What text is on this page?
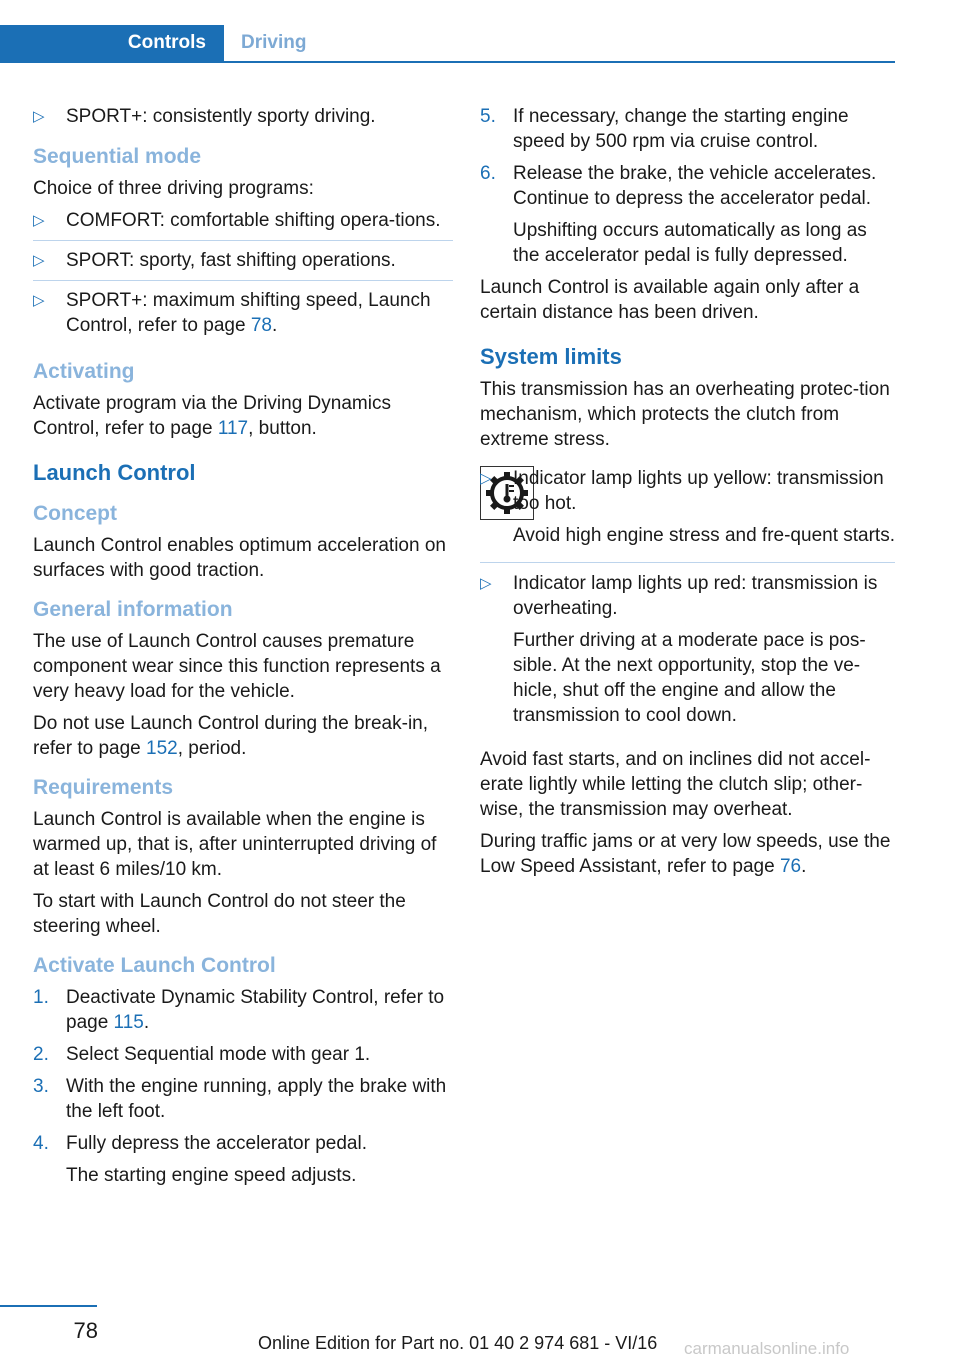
Controls	Driving
▷ SPORT+: consistently sporty driving.
Sequential mode

Choice of three driving programs:

▷ COMFORT: comfortable shifting opera-tions.
▷ SPORT: sporty, fast shifting operations.
▷ SPORT+: maximum shifting speed, Launch Control, refer to page 78.
Activating

Activate program via the Driving Dynamics Control, refer to page 117, button.

Launch Control
Concept

Launch Control enables optimum acceleration on surfaces with good traction.

General information

The use of Launch Control causes premature component wear since this function represents a very heavy load for the vehicle.

Do not use Launch Control during the break-in, refer to page 152, period.

Requirements

Launch Control is available when the engine is warmed up, that is, after uninterrupted driving of at least 6 miles/10 km.

To start with Launch Control do not steer the steering wheel.

Activate Launch Control
1. Deactivate Dynamic Stability Control, refer to page 115.
2. Select Sequential mode with gear 1.
3. With the engine running, apply the brake with the left foot.
4. Fully depress the accelerator pedal.
The starting engine speed adjusts.
5. If necessary, change the starting engine speed by 500 rpm via cruise control.
6. Release the brake, the vehicle accelerates. Continue to depress the accelerator pedal.
Upshifting occurs automatically as long as the accelerator pedal is fully depressed.

Launch Control is available again only after a certain distance has been driven.

System limits

This transmission has an overheating protec-tion mechanism, which protects the clutch from extreme stress.

▷ Indicator lamp lights up yellow: transmission too hot.
Avoid high engine stress and fre-quent starts.
▷ Indicator lamp lights up red: transmission is overheating.
Further driving at a moderate pace is pos-sible. At the next opportunity, stop the ve-hicle, shut off the engine and allow the transmission to cool down.

Avoid fast starts, and on inclines did not accel-erate lightly while letting the clutch slip; other-wise, the transmission may overheat.

During traffic jams or at very low speeds, use the Low Speed Assistant, refer to page 76.

78	Online Edition for Part no. 01 40 2 974 681 - VI/16 carmanualsonline.info
